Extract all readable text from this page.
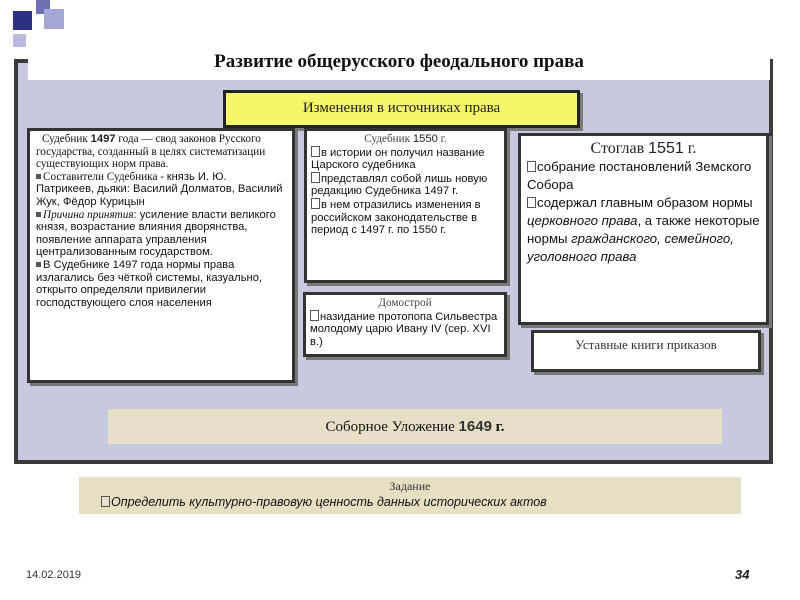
Развитие общерусского феодального права
Изменения в источниках права
Судебник 1497 года — свод законов Русского государства, созданный в целях систематизации существующих норм права.
Составители Судебника - князь И. Ю. Патрикеев, дьяки: Василий Долматов, Василий Жук, Фёдор Курицын
Причина принятия: усиление власти великого князя, возрастание влияния дворянства, появление аппарата управления централизованным государством.
В Судебнике 1497 года нормы права излагались без чёткой системы, казуально, открыто определяли привилегии господствующего слоя населения
Судебник 1550 г.
в истории он получил название Царского судебника
представлял собой лишь новую редакцию Судебника 1497 г.
в нем отразились изменения в российском законодательстве в период с 1497 г. по 1550 г.
Домострой
назидание протопопа Сильвестра молодому царю Ивану IV (сер. XVI в.)
Стоглав 1551 г.
собрание постановлений Земского Собора
содержал главным образом нормы церковного права, а также некоторые нормы гражданского, семейного, уголовного права
Уставные книги приказов
Соборное Уложение 1649 г.
Задание
Определить культурно-правовую ценность данных исторических актов
14.02.2019	34
